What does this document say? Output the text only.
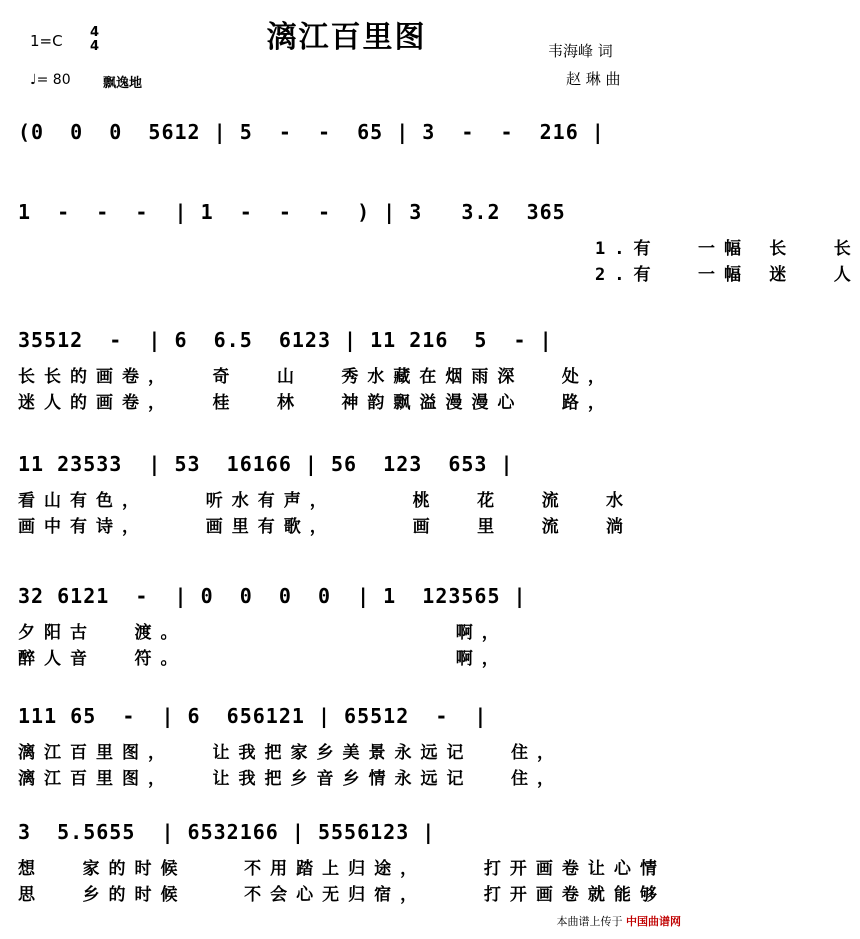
漓江百里图
1=C 4
4
♩= 80 飘逸地
韦海峰 词
赵 琳 曲
(0  0  0  5612 | 5  -  -  65 | 3  -  -  216 |
1  -  -  -  | 1  -  -  -  ) | 3   3.2  365
1.有  一幅 长  长
2.有  一幅 迷  人
35512  -  | 6  6.5  6123 | 11 216  5  - |
长长的画卷，  奇  山  秀水藏在烟雨深  处，
迷人的画卷，  桂  林  神韵飘溢漫漫心  路，
11 23533  | 53  16166 | 56  123  653 |
看山有色，   听水有声，    桃  花  流  水
画中有诗，   画里有歌，    画  里  流  淌
32 6121  -  | 0  0  0  0  | 1  123565 |
夕阳古  渡。              啊，
醉人音  符。              啊，
111 65  -  | 6  656121 | 65512  -  |
漓江百里图，  让我把家乡美景永远记  住，
漓江百里图，  让我把乡音乡情永远记  住，
3  5.5655  | 6532166 | 5556123 |
想  家的时候   不用踏上归途，   打开画卷让心情
思  乡的时候   不会心无归宿，   打开画卷就能够
本曲谱上传于 中国曲谱网
